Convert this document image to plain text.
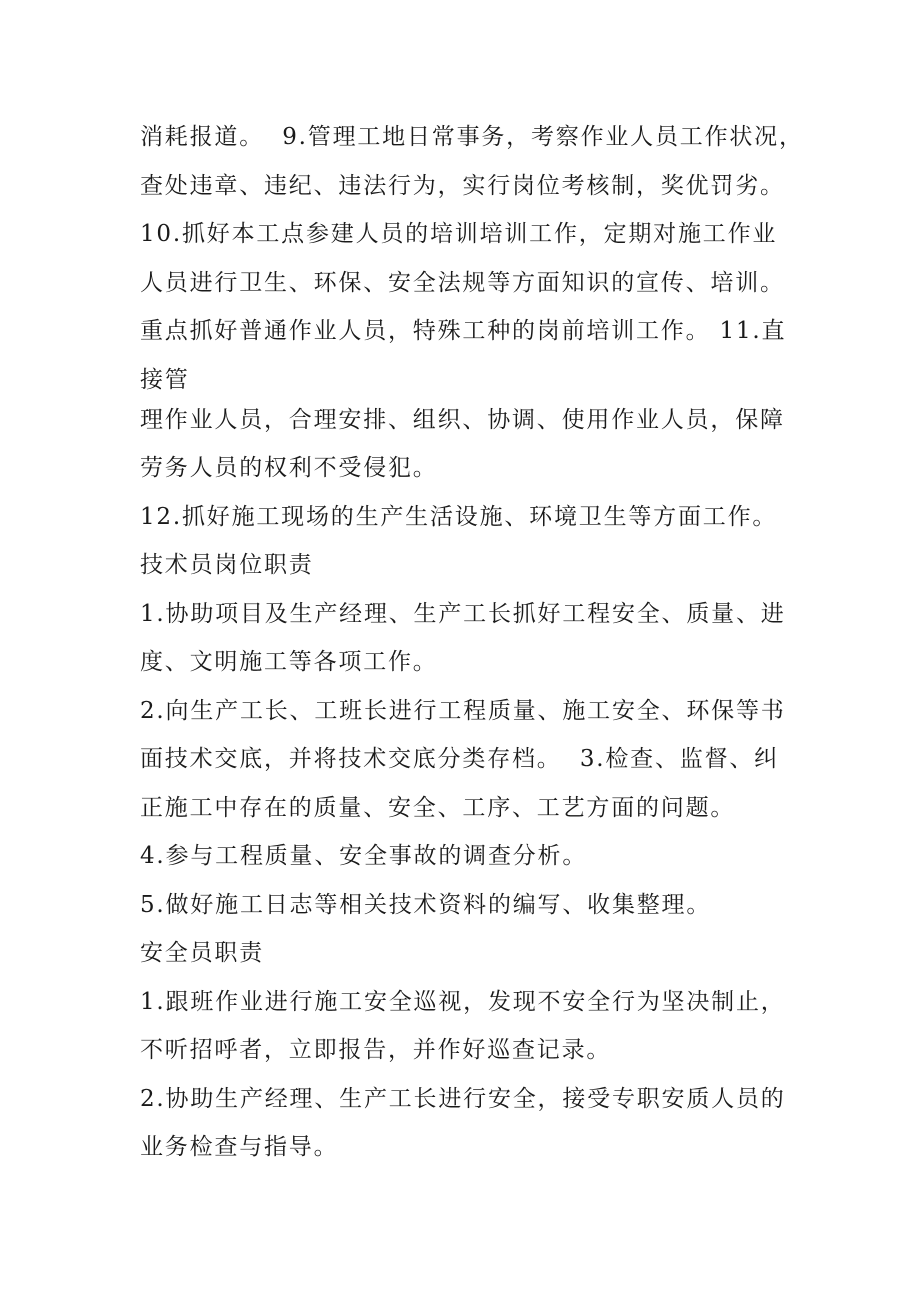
消耗报道。  9.管理工地日常事务，考察作业人员工作状况，
查处违章、违纪、违法行为，实行岗位考核制，奖优罚劣。
10.抓好本工点参建人员的培训培训工作，定期对施工作业
人员进行卫生、环保、安全法规等方面知识的宣传、培训。
重点抓好普通作业人员，特殊工种的岗前培训工作。 11.直
接管
理作业人员，合理安排、组织、协调、使用作业人员，保障
劳务人员的权利不受侵犯。
12.抓好施工现场的生产生活设施、环境卫生等方面工作。
技术员岗位职责
1.协助项目及生产经理、生产工长抓好工程安全、质量、进
度、文明施工等各项工作。
2.向生产工长、工班长进行工程质量、施工安全、环保等书
面技术交底，并将技术交底分类存档。  3.检查、监督、纠
正施工中存在的质量、安全、工序、工艺方面的问题。
4.参与工程质量、安全事故的调查分析。
5.做好施工日志等相关技术资料的编写、收集整理。
安全员职责
1.跟班作业进行施工安全巡视，发现不安全行为坚决制止，
不听招呼者，立即报告，并作好巡查记录。
2.协助生产经理、生产工长进行安全，接受专职安质人员的
业务检查与指导。
